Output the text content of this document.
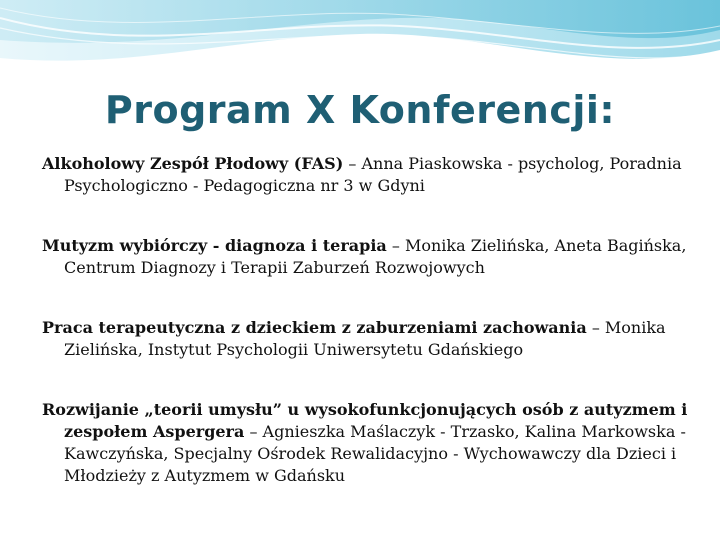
Program X Konferencji:
Alkoholowy Zespół Płodowy (FAS) – Anna Piaskowska - psycholog, Poradnia Psychologiczno - Pedagogiczna nr 3 w Gdyni
Mutyzm wybiórczy - diagnoza i terapia – Monika Zielińska, Aneta Bagińska, Centrum Diagnozy i Terapii Zaburzeń Rozwojowych
Praca terapeutyczna z dzieckiem z zaburzeniami zachowania – Monika Zielińska, Instytut Psychologii Uniwersytetu Gdańskiego
Rozwijanie „teorii umysłu” u wysokofunkcjonujących osób z autyzmem i zespołem Aspergera – Agnieszka Maślaczyk - Trzasko, Kalina Markowska - Kawczyńska, Specjalny Ośrodek Rewalidacyjno - Wychowawczy dla Dzieci i Młodzieży z Autyzmem w Gdańsku
